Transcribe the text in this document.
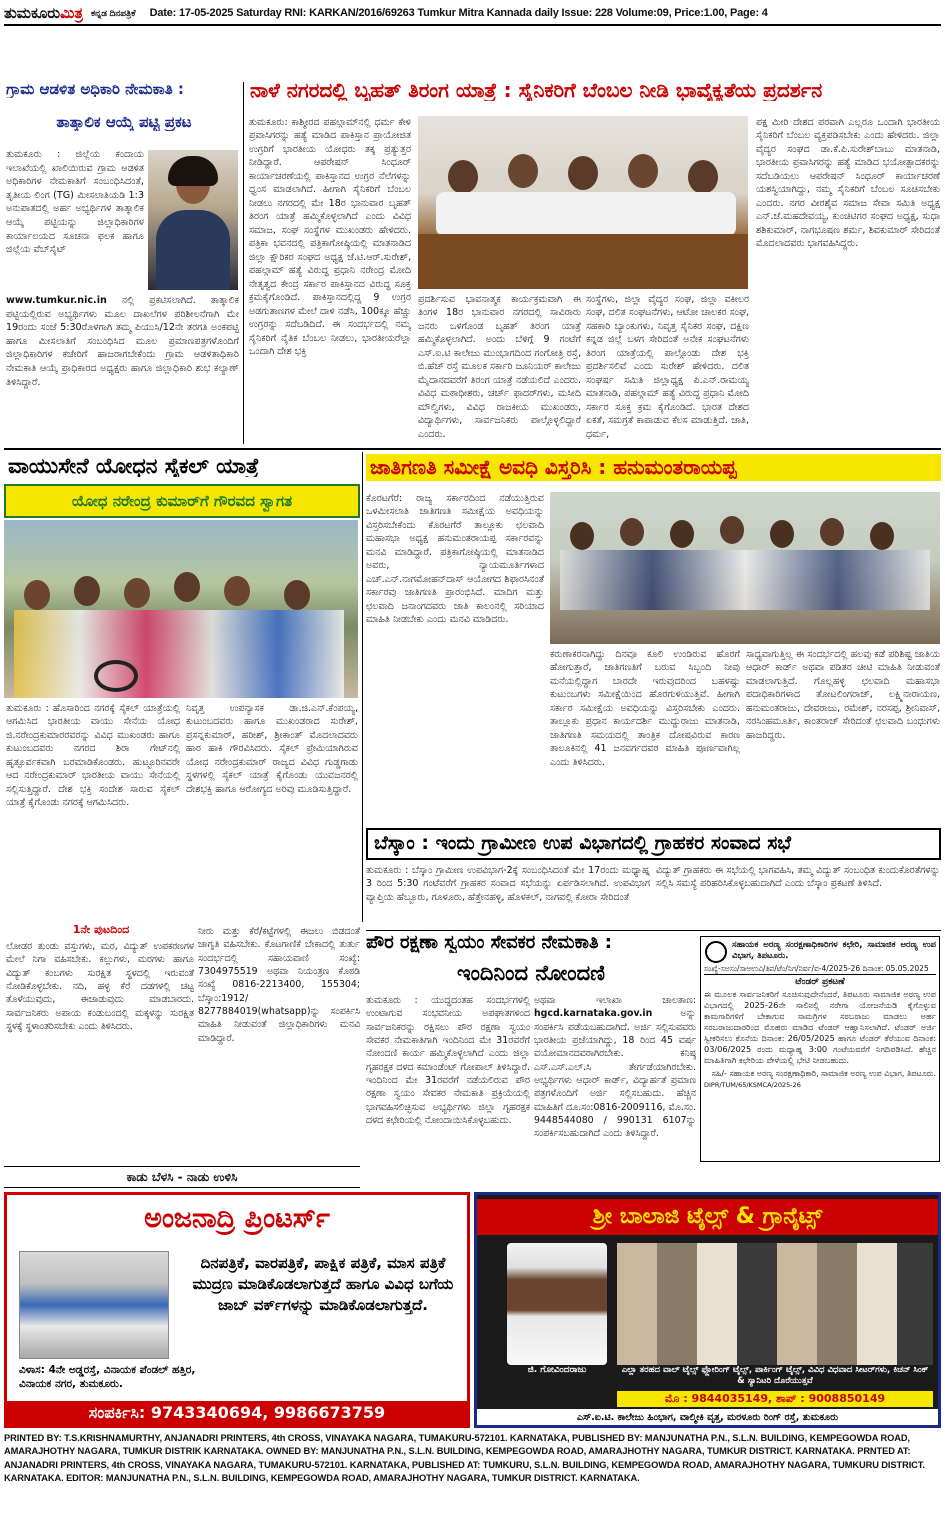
ತುಮಕೂರುಮಿತ್ರ ಕನ್ನಡ ದಿನಪತ್ರಿಕೆ Date: 17-05-2025 Saturday RNI: KARKAN/2016/69263 Tumkur Mitra Kannada daily Issue: 228 Volume:09, Price:1.00, Page: 4
ಗ್ರಾಮ ಆಡಳಿತ ಅಧಿಕಾರಿ ನೇಮಕಾತಿ :
ತಾತ್ಕಾಲಿಕ ಆಯ್ಕೆ ಪಟ್ಟಿ ಪ್ರಕಟ
ತುಮಕೂರು : ಜಿಲ್ಲೆಯ ಕಂದಾಯ ಇಲಾಖೆಯಲ್ಲಿ ಖಾಲಿಯಿರುವ ಗ್ರಾಮ ಆಡಳಿತ ಅಧಿಕಾರಿಗಳ ನೇಮಕಾತಿಗೆ ಸಂಬಂಧಿಸಿದಂತೆ, ತೃತೀಯ ಲಿಂಗ (TG) ಮೀಸಲಾತಿಯಡಿ 1:3 ಅನುಪಾತದಲ್ಲಿ ಅರ್ಹ ಅಭ್ಯರ್ಥಿಗಳ ತಾತ್ಕಾಲಿಕ ಆಯ್ಕೆ ಪಟ್ಟಿಯನ್ನು ಜಿಲ್ಲಾಧಿಕಾರಿಗಳ ಕಾರ್ಯಾಲಯದ ಸೂಚನಾ ಫಲಕ ಹಾಗೂ ಜಿಲ್ಲೆಯ ವೆಬ್‌ಸೈಟ್
www.tumkur.nic.in ನಲ್ಲಿ ಪ್ರಕಟಿಸಲಾಗಿದೆ. ತಾತ್ಕಾಲಿಕ ಪಟ್ಟಿಯಲ್ಲಿರುವ ಅಭ್ಯರ್ಥಿಗಳು ಮೂಲ ದಾಖಲೆಗಳ ಪರಿಶೀಲನೆಗಾಗಿ ಮೇ 19ರಂದು ಸಂಜೆ 5:30ರೊಳಗಾಗಿ ತಮ್ಮ ಪಿಯುಸಿ/12ನೇ ತರಗತಿ ಅಂಕಪಟ್ಟಿ ಹಾಗೂ ಮೀಸಲಾತಿಗೆ ಸಂಬಂಧಿಸಿದ ಮೂಲ ಪ್ರಮಾಣಪತ್ರಗಳೊಂದಿಗೆ ಜಿಲ್ಲಾಧಿಕಾರಿಗಳ ಕಚೇರಿಗೆ ಹಾಜರಾಗಬೇಕೆಂದು ಗ್ರಾಮ ಆಡಳಿತಾಧಿಕಾರಿ ನೇಮಕಾತಿ ಆಯ್ಕೆ ಪ್ರಾಧಿಕಾರದ ಅಧ್ಯಕ್ಷರು ಹಾಗೂ ಜಿಲ್ಲಾಧಿಕಾರಿ ಶುಭ ಕಲ್ಯಾಣ್ ತಿಳಿಸಿದ್ದಾರೆ.
ನಾಳೆ ನಗರದಲ್ಲಿ ಬೃಹತ್ ತಿರಂಗ ಯಾತ್ರೆ : ಸೈನಿಕರಿಗೆ ಬೆಂಬಲ ನೀಡಿ ಭಾವೈಕ್ಯತೆಯ ಪ್ರದರ್ಶನ
ತುಮಕೂರು: ಕಾಶ್ಮೀರದ ಪಹಲ್ಗಾಮ್‌ನಲ್ಲಿ ಧರ್ಮ ಕೇಳಿ ಪ್ರವಾಸಿಗರನ್ನು ಹತ್ಯೆ ಮಾಡಿದ ಪಾಕಿಸ್ತಾನ ಪ್ರಾಯೋಜಿತ ಉಗ್ರರಿಗೆ ಭಾರತೀಯ ಯೋಧರು ತಕ್ಕ ಪ್ರತ್ಯುತ್ತರ ನೀಡಿದ್ದಾರೆ. ಆಪರೇಷನ್ ಸಿಂಧೂರ್ ಕಾರ್ಯಾಚರಣೆಯಲ್ಲಿ ಪಾಕಿಸ್ತಾನದ ಉಗ್ರರ ನೆಲೆಗಳನ್ನು ಧ್ವಂಸ ಮಾಡಲಾಗಿದೆ. ಹೀಗಾಗಿ ಸೈನಿಕರಿಗೆ ಬೆಂಬಲ ನೀಡಲು ನಗರದಲ್ಲಿ ಮೇ 18ರ ಭಾನುವಾರ ಬೃಹತ್ ತಿರಂಗ ಯಾತ್ರೆ ಹಮ್ಮಿಕೊಳ್ಳಲಾಗಿದೆ ಎಂದು ವಿವಿಧ ಸಮಾಜ, ಸಂಘ ಸಂಸ್ಥೆಗಳ ಮುಖಂಡರು ಹೇಳಿದರು. ಪತ್ರಿಕಾ ಭವನದಲ್ಲಿ ಪತ್ರಿಕಾಗೋಷ್ಠಿಯಲ್ಲಿ ಮಾತನಾಡಿದ ಜಿಲ್ಲಾ ಕ್ಷೌರಿಕರ ಸಂಘದ ಅಧ್ಯಕ್ಷ ಜೆ.ಟಿ.ಆರ್.ಸುರೇಶ್, ಪಹಲ್ಗಾಮ್ ಹತ್ಯೆ ವಿರುದ್ಧ ಪ್ರಧಾನಿ ನರೇಂದ್ರ ಮೋದಿ ನೇತೃತ್ವದ ಕೇಂದ್ರ ಸರ್ಕಾರ ಪಾಕಿಸ್ತಾನದ ವಿರುದ್ಧ ಸೂಕ್ತ ಕ್ರಮಕೈಗೊಂಡಿದೆ. ಪಾಕಿಸ್ತಾನದಲ್ಲಿದ್ದ 9 ಉಗ್ರರ ಅಡಗುತಾಣಗಳ ಮೇಲೆ ದಾಳಿ ನಡೆಸಿ, 100ಕ್ಕೂ ಹೆಚ್ಚು ಉಗ್ರರನ್ನು ಸದೆಬಡಿದಿದೆ. ಈ ಸಂದರ್ಭದಲ್ಲಿ ನಮ್ಮ ಸೈನಿಕರಿಗೆ ನೈತಿಕ ಬೆಂಬಲ ನೀಡಲು, ಭಾರತೀಯರೆಲ್ಲಾ ಒಂದಾಗಿ ದೇಶ ಭಕ್ತಿ
ಪ್ರದರ್ಶಿಸುವ ಭಾವನಾತ್ಮಕ ಕಾರ್ಯಕ್ರಮವಾಗಿ ಈ ತಿಂಗಳ 18ರ ಭಾನುವಾರ ನಗರದಲ್ಲಿ ಸಾವಿರಾರು ಜನರು ಒಳಗೊಂಡ ಬೃಹತ್ ತಿರಂಗ ಯಾತ್ರೆ ಹಮ್ಮಿಕೊಳ್ಳಲಾಗಿದೆ. ಅಂದು ಬೆಳಿಗ್ಗೆ 9 ಗಂಟೆಗೆ ಎಸ್.ಐ.ಟಿ ಕಾಲೇಜು ಮುಂಭಾಗದಿಂದ ಗಂಗೋತ್ರಿ ರಸ್ತೆ, ಬಿ.ಹೆಚ್ ರಸ್ತೆ ಮೂಲಕ ಸರ್ಕಾರಿ ಜೂನಿಯರ್ ಕಾಲೇಜು ಮೈದಾನದವರೆಗೆ ತಿರಂಗ ಯಾತ್ರೆ ನಡೆಯಲಿದೆ ಎಂದರು. ವಿವಿಧ ಮಠಾಧೀಶರು, ಚರ್ಚ್ ಫಾದರ್‌ಗಳು, ಮಸೀದಿ ಮೌಲ್ವಿಗಳು, ವಿವಿಧ ರಾಜಕೀಯ ಮುಖಂಡರು, ವಿದ್ಯಾರ್ಥಿಗಳು, ಸಾರ್ವಜನಿಕರು ಪಾಲ್ಗೊಳ್ಳಲಿದ್ದಾರೆ ಎಂದರು.
ಸಂಸ್ಥೆಗಳು, ಜಿಲ್ಲಾ ವೈದ್ಯರ ಸಂಘ, ಜಿಲ್ಲಾ ವಕೀಲರ ಸಂಘ, ದಲಿತ ಸಂಘಟನೆಗಳು, ಆಟೋ ಚಾಲಕರ ಸಂಘ, ಸಹಕಾರಿ ಬ್ಯಾಂಕುಗಳು, ನಿವೃತ್ತ ಸೈನಿಕರ ಸಂಘ, ದಕ್ಷಿಣ ಕನ್ನಡ ಜಿಲ್ಲೆ ಬಳಗ ಸೇರಿದಂತೆ ಅನೇಕ ಸಂಘಟನೆಗಳು ತಿರಂಗ ಯಾತ್ರೆಯಲ್ಲಿ ಪಾಲ್ಗೊಂಡು ದೇಶ ಭಕ್ತಿ ಪ್ರದರ್ಶಿಸಲಿವೆ ಎಂದು ಸುರೇಶ್ ಹೇಳಿದರು. ದಲಿತ ಸಂಘರ್ಷ ಸಮಿತಿ ಜಿಲ್ಲಾಧ್ಯಕ್ಷ ಪಿ.ಎನ್.ರಾಮಯ್ಯ ಮಾತನಾಡಿ, ಪಹಲ್ಗಾಮ್ ಹತ್ಯೆ ವಿರುದ್ಧ ಪ್ರಧಾನಿ ಮೋದಿ ಸರ್ಕಾರ ಸೂಕ್ತ ಕ್ರಮ ಕೈಗೊಂಡಿದೆ. ಭಾರತ ದೇಶದ ಏಕತೆ, ಸಮಗ್ರತೆ ಕಾಪಾಡುವ ಕೆಲಸ ಮಾಡುತ್ತಿದೆ. ಜಾತಿ, ಧರ್ಮ,
ಪಕ್ಷ ಮೀರಿ ದೇಶದ ಪರವಾಗಿ ಎಲ್ಲರೂ ಒಂದಾಗಿ ಭಾರತೀಯ ಸೈನಿಕರಿಗೆ ಬೆಂಬಲ ವ್ಯಕ್ತಪಡಿಸಬೇಕು ಎಂದು ಹೇಳಿದರು. ಜಿಲ್ಲಾ ವೈದ್ಯರ ಸಂಘದ ಡಾ.ಕೆ.ಪಿ.ಸುರೇಶ್‌ಬಾಬು ಮಾತನಾಡಿ, ಭಾರತೀಯ ಪ್ರವಾಸಿಗರನ್ನು ಹತ್ಯೆ ಮಾಡಿದ ಭಯೋತ್ಪಾದಕರನ್ನು ಸದೆಬಡಿಯಲು ಆಪರೇಷನ್ ಸಿಂಧೂರ್ ಕಾರ್ಯಾಚರಣೆ ಯಶಸ್ವಿಯಾಗಿದ್ದು, ನಮ್ಮ ಸೈನಿಕರಿಗೆ ಬೆಂಬಲ ಸೂಚಿಸಬೇಕು ಎಂದರು. ನಗರ ವೀರಶೈವ ಸಮಾಜ ಸೇವಾ ಸಮಿತಿ ಅಧ್ಯಕ್ಷ ಎನ್.ಜೆ.ಮಹದೇವಯ್ಯ, ಕುಂಚಿಟಿಗರ ಸಂಘದ ಅಧ್ಯಕ್ಷ, ಸುಧಾ ಶಶಿಕುಮಾರ್, ನಾಗಭೂಷಣ ಶರ್ಮ, ಶಿವಕುಮಾರ್ ಸೇರಿದಂತೆ ಮೊದಲಾದವರು ಭಾಗವಹಿಸಿದ್ದರು.
ವಾಯುಸೇನೆ ಯೋಧನ ಸೈಕಲ್ ಯಾತ್ರೆ
ಯೋಧ ನರೇಂದ್ರ ಕುಮಾರ್‌ಗೆ ಗೌರವದ ಸ್ವಾಗತ
ತುಮಕೂರು : ಹೊಸಾರಿಂದ ನಗರಕ್ಕೆ ಸೈಕಲ್ ಯಾತ್ರೆಯಲ್ಲಿ ಆಗಮಿಸಿದ ಭಾರತೀಯ ವಾಯು ಸೇನೆಯ ಯೋಧ ಜಿ.ನರೇಂದ್ರಕುಮಾರರವರನ್ನು ವಿವಿಧ ಮುಖಂಡರು ಹಾಗೂ ಕುಟುಂಬದವರು ನಗರದ ಶಿರಾ ಗೇಟ್‌ನಲ್ಲಿ ಹೃತ್ಪೂರ್ವಕವಾಗಿ ಬರಮಾಡಿಕೊಂಡರು. ಹುಟ್ಟೂರಿನವರೇ ಆದ ನರೇಂದ್ರಕುಮಾರ್ ಭಾರತೀಯ ವಾಯು ಸೇನೆಯಲ್ಲಿ ಸಲ್ಲಿಸುತ್ತಿದ್ದಾರೆ. ದೇಶ ಭಕ್ತಿ ಸಂದೇಶ ಸಾರುವ ಸೈಕಲ್ ಯಾತ್ರೆ ಕೈಗೊಂಡು ನಗರಕ್ಕೆ ಆಗಮಿಸಿದರು.
ನಿವೃತ್ತ ಉಪನ್ಯಾಸಕ ಡಾ.ಜಿ.ಎನ್.ಕೆಂಪಯ್ಯ, ಕುಟುಂಬದವರು ಹಾಗೂ ಮುಖಂಡರಾದ ಸುರೇಶ್, ಪ್ರಸನ್ನಕುಮಾರ್, ಹರೀಶ್, ಶ್ರೀಕಾಂತ್ ಮೊದಲಾದವರು ಹಾರ ಹಾಕಿ ಗೌರವಿಸಿದರು. ಸೈಕಲ್ ಪ್ರೇಮಿಯಾಗಿರುವ ಯೋಧ ನರೇಂದ್ರಕುಮಾರ್ ರಾಜ್ಯದ ವಿವಿಧ ಗುಡ್ಡಗಾಡು ಸ್ಥಳಗಳಲ್ಲಿ ಸೈಕಲ್ ಯಾತ್ರೆ ಕೈಗೊಂಡು ಯುವಜನರಲ್ಲಿ ದೇಶಭಕ್ತಿ ಹಾಗೂ ಆರೋಗ್ಯದ ಅರಿವು ಮೂಡಿಸುತ್ತಿದ್ದಾರೆ.
ಜಾತಿಗಣತಿ ಸಮೀಕ್ಷೆ ಅವಧಿ ವಿಸ್ತರಿಸಿ : ಹನುಮಂತರಾಯಪ್ಪ
ಕೊರಟಗೆರೆ: ರಾಜ್ಯ ಸರ್ಕಾರದಿಂದ ನಡೆಯುತ್ತಿರುವ ಒಳಮೀಸಲಾತಿ ಜಾತಿಗಣತಿ ಸಮೀಕ್ಷೆಯ ಅವಧಿಯನ್ನು ವಿಸ್ತರಿಸಬೇಕೆಂದು ಕೊರಟಗೆರೆ ತಾಲ್ಲೂಕು ಛಲವಾದಿ ಮಹಾಸಭಾ ಅಧ್ಯಕ್ಷ ಹನುಮಂತರಾಯಪ್ಪ ಸರ್ಕಾರವನ್ನು ಮನವಿ ಮಾಡಿದ್ದಾರೆ. ಪತ್ರಿಕಾಗೋಷ್ಠಿಯಲ್ಲಿ ಮಾತನಾಡಿದ ಅವರು, ನ್ಯಾಯಮೂರ್ತಿಗಳಾದ ಎಚ್.ಎನ್.ನಾಗಮೋಹನ್‌ದಾಸ್ ಆಯೋಗದ ಶಿಫಾರಸಿನಂತೆ ಸರ್ಕಾರವು ಜಾತಿಗಣತಿ ಪ್ರಾರಂಭಿಸಿದೆ. ಮಾದಿಗ ಮತ್ತು ಛಲವಾದಿ ಜನಾಂಗದವರು ಜಾತಿ ಕಾಲಂನಲ್ಲಿ ಸರಿಯಾದ ಮಾಹಿತಿ ನೀಡಬೇಕು ಎಂದು ಮನವಿ ಮಾಡಿದರು.
ಕರುಣಾಕರನಾಗಿದ್ದು ದಿನವೂ ಕೂಲಿ ಉಂಡಿರುವ ಹೊರಗೆ ಹೋಗುತ್ತಾರೆ, ಜಾತಿಗಣತಿಗೆ ಬರುವ ಸಿಬ್ಬಂದಿ ನೀವು ಮನೆಯಲ್ಲಿದ್ದಾಗ ಬಾರದೇ ಇರುವುದರಿಂದ ಬಹಳಷ್ಟು ಕುಟುಂಬಗಳು ಸಮೀಕ್ಷೆಯಿಂದ ಹೊರಗುಳಿಯುತ್ತಿವೆ. ಹೀಗಾಗಿ ಸರ್ಕಾರ ಸಮೀಕ್ಷೆಯ ಅವಧಿಯನ್ನು ವಿಸ್ತರಿಸಬೇಕು ಎಂದರು. ತಾಲ್ಲೂಕು ಪ್ರಧಾನ ಕಾರ್ಯದರ್ಶಿ ಮುದ್ದುರಾಜು ಮಾತನಾಡಿ, ಜಾತಿಗಣತಿ ಸಮಯದಲ್ಲಿ ತಾಂತ್ರಿಕ ದೋಷವಿರುವ ಕಾರಣ ತಾಲೂಕಿನಲ್ಲಿ 41 ಜನವರ್ಗದವರ ಮಾಹಿತಿ ಪೂರ್ಣವಾಗಿಲ್ಲ ಎಂದು ತಿಳಿಸಿದರು.
ಸಾಧ್ಯವಾಗುತ್ತಿಲ್ಲ ಈ ಸಂದರ್ಭದಲ್ಲಿ ಹಲವು ಕಡೆ ಪರಿಶಿಷ್ಟ ಜಾತಿಯ ಆಧಾರ್ ಕಾರ್ಡ್ ಅಥವಾ ಪಡಿತರ ಚೀಟಿ ಮಾಹಿತಿ ನೀಡುವಂತೆ ಮಾಡಲಾಗುತ್ತಿದೆ. ಗೊಲ್ಲಹಳ್ಳಿ ಛಲವಾದಿ ಮಹಾಸಭಾ ಪದಾಧಿಕಾರಿಗಳಾದ ತೋಟಲಿಂಗರಾಜ್, ಲಕ್ಷ್ಮಿನಾರಾಯಣ, ಹನುಮಂತರಾಜು, ದೇವರಾಜು, ರಮೇಶ್, ನರಸಪ್ಪ, ಶ್ರೀನಿವಾಸ್, ನರಸಿಂಹಮೂರ್ತಿ, ಕಾಂತರಾಜ್ ಸೇರಿದಂತೆ ಛಲವಾದಿ ಬಂಧುಗಳು ಹಾಜರಿದ್ದರು.
ಬೆಸ್ಕಾಂ : ಇಂದು ಗ್ರಾಮೀಣ ಉಪ ವಿಭಾಗದಲ್ಲಿ ಗ್ರಾಹಕರ ಸಂವಾದ ಸಭೆ
ತುಮಕೂರು : ಬೆಸ್ಕಾಂ ಗ್ರಾಮೀಣ ಉಪವಿಭಾಗ-2ಕ್ಕೆ ಸಂಬಂಧಿಸಿದಂತೆ ಮೇ 17ರಂದು ಮಧ್ಯಾಹ್ನ 3 ರಿಂದ 5:30 ಗಂಟೆವರೆಗೆ ಗ್ರಾಹಕರ ಸಂವಾದ ಸಭೆಯನ್ನು ಏರ್ಪಡಿಸಲಾಗಿದೆ. ಉಪವಿಭಾಗ ವ್ಯಾಪ್ತಿಯ ಹೆಬ್ಬೂರು, ಗೂಳೂರು, ಹೆತ್ತೇನಹಳ್ಳಿ, ಹೊಳಕಲ್, ನಾಗವಲ್ಲಿ ಕೋರಾ ಸೇರಿದಂತೆ
ವಿದ್ಯುತ್ ಗ್ರಾಹಕರು ಈ ಸಭೆಯಲ್ಲಿ ಭಾಗವಹಿಸಿ, ತಮ್ಮ ವಿದ್ಯುತ್ ಸಂಬಂಧಿತ ಕುಂದುಕೊರತೆಗಳನ್ನು ಸಲ್ಲಿಸಿ ಸಮಸ್ಯೆ ಪರಿಹರಿಸಿಕೊಳ್ಳಬಹುದಾಗಿದೆ ಎಂದು ಬೆಸ್ಕಾಂ ಪ್ರಕಟಣೆ ತಿಳಿಸಿದೆ.
ಪೌರ ರಕ್ಷಣಾ ಸ್ವಯಂ ಸೇವಕರ ನೇಮಕಾತಿ :
ಇಂದಿನಿಂದ ನೋಂದಣಿ
ತುಮಕೂರು : ಯುದ್ಧದಂತಹ ಸಂದರ್ಭಗಳಲ್ಲಿ ಉಂಟಾಗುವ ಸಂಭವನೀಯ ಅಪಘಾತಗಳಿಂದ ಸಾರ್ವಜನಿಕರನ್ನು ರಕ್ಷಿಸಲು ಪೌರ ರಕ್ಷಣಾ ಸ್ವಯಂ ಸೇವಕರ ನೇಮಕಾತಿಗಾಗಿ ಇಂದಿನಿಂದ ಮೇ 31ರವರೆಗೆ ನೋಂದಣಿ ಕಾರ್ಯ ಹಮ್ಮಿಕೊಳ್ಳಲಾಗಿದೆ ಎಂದು ಜಿಲ್ಲಾ ಗೃಹರಕ್ಷಕ ದಳದ ಕಮಾಂಡೆಂಟ್ ಗೋಪಾಲ್ ತಿಳಿಸಿದ್ದಾರೆ. ಇಂದಿನಿಂದ ಮೇ 31ರವರೆಗೆ ನಡೆಯಲಿರುವ ಪೌರ ರಕ್ಷಣಾ ಸ್ವಯಂ ಸೇವಕರ ನೇಮಕಾತಿ ಪ್ರಕ್ರಿಯೆಯಲ್ಲಿ ಭಾಗವಹಿಸಲಿಚ್ಛಿಸುವ ಅಭ್ಯರ್ಥಿಗಳು ಜಿಲ್ಲಾ ಗೃಹರಕ್ಷಕ ದಳದ ಕಛೇರಿಯಲ್ಲಿ ನೋಂದಾಯಿಸಿಕೊಳ್ಳಬಹುದು.
ಅಥವಾ ಇಲಾಖಾ ಜಾಲತಾಣ: hgcd.karnataka.gov.in	ಅನ್ನು ಸಂಪರ್ಕಿಸಿ ಪಡೆಯಬಹುದಾಗಿದೆ. ಅರ್ಜಿ ಸಲ್ಲಿಸುವವರು ಭಾರತೀಯ ಪ್ರಜೆಯಾಗಿದ್ದು, 18 ರಿಂದ 45 ವರ್ಷ ವಯೋಮಾನದವರಾಗಿರಬೇಕು. ಕನಿಷ್ಠ ಎಸ್.ಎಸ್.ಎಲ್.ಸಿ ತೇರ್ಗಡೆಯಾಗಿರಬೇಕು. ಅಭ್ಯರ್ಥಿಗಳು ಆಧಾರ್ ಕಾರ್ಡ್, ವಿದ್ಯಾರ್ಹತೆ ಪ್ರಮಾಣ ಪತ್ರಗಳೊಂದಿಗೆ ಅರ್ಜಿ ಸಲ್ಲಿಸಬಹುದು. ಹೆಚ್ಚಿನ ಮಾಹಿತಿಗೆ ದೂ.ಸಂ:0816-2009116, ಮೊ.ಸಂ. 9448544080 / 990131 6107ನ್ನು ಸಂಪರ್ಕಿಸಬಹುದಾಗಿದೆ ಎಂದು ತಿಳಿಸಿದ್ದಾರೆ.
ಸಹಾಯಕ ಅರಣ್ಯ ಸಂರಕ್ಷಣಾಧಿಕಾರಿಗಳ ಕಛೇರಿ, ಸಾಮಾಜಿಕ ಅರಣ್ಯ ಉಪ ವಿಭಾಗ, ತಿಪಟೂರು.
ಸಂಖ್ಯೆ-ಸಅಸಂ/ಸಾಅಉವಿ/ತಿಪ/ಟೆಂ/ನಿಗ/ನಿರ್ವ/ವ-4/2025-26 ದಿನಾಂಕ: 05.05.2025
ಟೆಂಡರ್ ಪ್ರಕಟಣೆ
ಈ ಮೂಲಕ ಸಾರ್ವಜನಿಕರಿಗೆ ಸೂಚಿಸುವುದೇನೆಂದರೆ, ತಿಪಟೂರು ಸಾಮಾಜಿಕ ಅರಣ್ಯ ಉಪ ವಿಭಾಗದಲ್ಲಿ 2025-26ನೇ ಸಾಲಿನಲ್ಲಿ ನರೇಗಾ ಯೋಜನೆಯಡಿ ಕೈಗೊಳ್ಳುವ ಕಾಮಗಾರಿಗಳಿಗೆ ಬೇಕಾಗುವ ಸಾಮಗ್ರಿಗಳ ಸರಬರಾಜು ಮಾಡಲು ಅರ್ಹ ಸರಬರಾಜುದಾರರಿಂದ ಮೊಹರು ಮಾಡಿದ ಟೆಂಡರ್ ಆಹ್ವಾನಿಸಲಾಗಿದೆ. ಟೆಂಡರ್ ಅರ್ಜಿ ಸ್ವೀಕರಿಸಲು ಕೊನೆಯ ದಿನಾಂಕ: 26/05/2025 ಹಾಗೂ ಟೆಂಡರ್ ತೆರೆಯುವ ದಿನಾಂಕ: 03/06/2025 ರಂದು ಮಧ್ಯಾಹ್ನ 3:00 ಗಂಟೆಯವರೆಗೆ ನಿಗದಿಪಡಿಸಿದೆ. ಹೆಚ್ಚಿನ ಮಾಹಿತಿಗಾಗಿ ಕಛೇರಿಯ ವೇಳೆಯಲ್ಲಿ ಭೇಟಿ ನೀಡಬಹುದು.
ಸಹಿ/- ಸಹಾಯಕ ಅರಣ್ಯ ಸಂರಕ್ಷಣಾಧಿಕಾರಿ, ಸಾಮಾಜಿಕ ಅರಣ್ಯ ಉಪ ವಿಭಾಗ, ತಿಪಟೂರು.
DIPR/TUM/65/KSMCA/2025-26
1ನೇ ಪುಟದಿಂದ
ಲೋಡರ ತುಂಡು ವಸ್ತುಗಳು, ಮರ, ವಿದ್ಯುತ್ ಉಪಕರಣಗಳ ಮೇಲೆ ನಿಗಾ ವಹಿಸಬೇಕು. ಕಲ್ಲುಗಳು, ಮರಗಳು ಹಾಗೂ ವಿದ್ಯುತ್ ಕಂಬಗಳು ಸುರಕ್ಷಿತ ಸ್ಥಳದಲ್ಲಿ ಇರುವಂತೆ ನೋಡಿಕೊಳ್ಳಬೇಕು. ನದಿ, ಹಳ್ಳ ಕೆರೆ ದಡಗಳಲ್ಲಿ ಚಟ್ಟ ತೊಳೆಯುವುದು, ಈಜಾಡುವುದು ಮಾಡಬಾರದು. ಸಾರ್ವಜನಿಕರು ಅಪಾಯ ಕಂಡುಬಂದಲ್ಲಿ ಮಕ್ಕಳನ್ನು ಸುರಕ್ಷಿತ ಸ್ಥಳಕ್ಕೆ ಸ್ಥಳಾಂತರಿಸಬೇಕು ಎಂದು ತಿಳಿಸಿದರು.
ನೀರು ಮತ್ತು ಕೆರೆ/ಕಟ್ಟೆಗಳಲ್ಲಿ ಈಜಲು ಬಿಡದಂತೆ ಜಾಗೃತಿ ವಹಿಸಬೇಕು. ಕೊಟಗಾಣಿಕೆ ಬೇಕಾದಲ್ಲಿ ತುರ್ತು ಸಂದರ್ಭದಲ್ಲಿ ಸಹಾಯವಾಣಿ ಸಂಖ್ಯೆ: 7304975519 ಅಥವಾ ನಿಯಂತ್ರಣ ಕೊಠಡಿ ಸಂಖ್ಯೆ 0816-2213400, 155304; ಬೆಸ್ಕಾಂ:1912/ 8277884019(whatsapp)ನ್ನು ಸಂಪರ್ಕಿಸಿ ಮಾಹಿತಿ ನೀಡುವಂತೆ ಜಿಲ್ಲಾಧಿಕಾರಿಗಳು ಮನವಿ ಮಾಡಿದ್ದಾರೆ.
ಕಾಡು ಬೆಳಸಿ - ನಾಡು ಉಳಿಸಿ
ಅಂಜನಾದ್ರಿ ಪ್ರಿಂಟರ್ಸ್
ದಿನಪತ್ರಿಕೆ, ವಾರಪತ್ರಿಕೆ, ಪಾಕ್ಷಿಕ ಪತ್ರಿಕೆ, ಮಾಸ ಪತ್ರಿಕೆ ಮುದ್ರಣ ಮಾಡಿಕೊಡಲಾಗುತ್ತದೆ ಹಾಗೂ ವಿವಿಧ ಬಗೆಯ ಜಾಬ್ ವರ್ಕ್‌ಗಳನ್ನು ಮಾಡಿಕೊಡಲಾಗುತ್ತದೆ.
ವಿಳಾಸ: 4ನೇ ಅಡ್ಡರಸ್ತೆ, ವಿನಾಯಕ ಪೆಂಡಲ್ ಹತ್ತಿರ, ವಿನಾಯಕ ನಗರ, ತುಮಕೂರು.
ಸಂಪರ್ಕಿಸಿ: 9743340694, 9986673759
ಶ್ರೀ ಬಾಲಾಜಿ ಟೈಲ್ಸ್ & ಗ್ರಾನೈಟ್ಸ್
ಜಿ. ಗೋವಿಂದರಾಜು	ಎಲ್ಲಾ ತರಹದ ವಾಲ್ ಟೈಲ್ಸ್ ಫ್ಲೋರಿಂಗ್ ಟೈಲ್ಸ್, ಪಾರ್ಕಿಂಗ್ ಟೈಲ್ಸ್, ವಿವಿಧ ವಿಧವಾದ ಸೀಟರ್‌ಗಳು, ಕಿಚನ್ ಸಿಂಕ್ & ಸ್ಯಾನಿಟರಿ ದೊರೆಯುತ್ತವೆ
ಮೊ : 9844035149, ಶಾಪ್ : 9008850149
ಎಸ್.ಐ.ಟಿ. ಕಾಲೇಜು ಹಿಂಭಾಗ, ವಾಲ್ಮೀಕಿ ವೃತ್ತ, ಮರಳೂರು ರಿಂಗ್ ರಸ್ತೆ, ತುಮಕೂರು
PRINTED BY: T.S.KRISHNAMURTHY, ANJANADRI PRINTERS, 4th CROSS, VINAYAKA NAGARA, TUMAKURU-572101. KARNATAKA, PUBLISHED BY: MANJUNATHA P.N., S.L.N. BUILDING, KEMPEGOWDA ROAD, AMARAJHOTHY NAGARA, TUMKUR DISTRIK KARNATAKA. OWNED BY: MANJUNATHA P.N., S.L.N. BUILDING, KEMPEGOWDA ROAD, AMARAJHOTHY NAGARA, TUMKUR DISTRICT. KARNATAKA. PRNTED AT: ANJANADRI PRINTERS, 4th CROSS, VINAYAKA NAGARA, TUMAKURU-572101. KARNATAKA, PUBLISHED AT: TUMKURU, S.L.N. BUILDING, KEMPEGOWDA ROAD, AMARAJHOTHY NAGARA, TUMKURU DISTRICT. KARNATAKA. EDITOR: MANJUNATHA P.N., S.L.N. BUILDING, KEMPEGOWDA ROAD, AMARAJHOTHY NAGARA, TUMKUR DISTRICT. KARNATAKA.
